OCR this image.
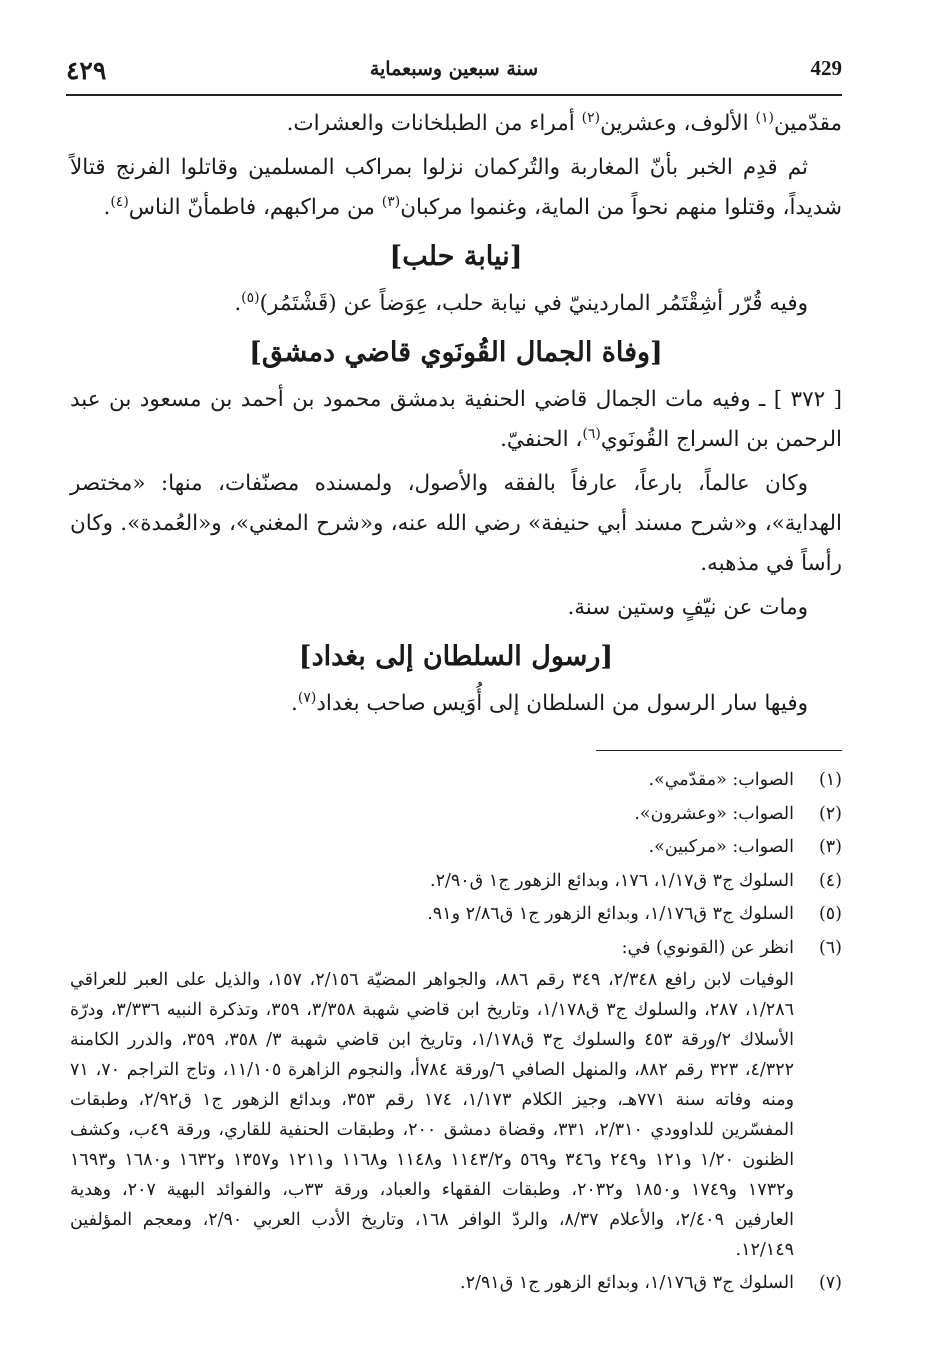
٤٢٩	سنة سبعين وسبعماية	429

مقدّمين$^{(١)}$ الألوف، وعشرين$^{(٢)}$ أمراء من الطبلخانات والعشرات.

ثم قدِم الخبر بأنّ المغاربة والتُركمان نزلوا بمراكب المسلمين وقاتلوا الفرنج قتالاً شديداً، وقتلوا منهم نحواً من الماية، وغنموا مركبان$^{(٣)}$ من مراكبهم، فاطمأنّ الناس$^{(٤)}$.

[نيابة حلب]

وفيه قُرّر أشِقْتَمُر الماردينيّ في نيابة حلب، عِوَضاً عن (قَشْتَمُر)$^{(٥)}$.

[وفاة الجمال القُونَوي قاضي دمشق]

[ ٣٧٢ ] ـ وفيه مات الجمال قاضي الحنفية بدمشق محمود بن أحمد بن مسعود بن عبد الرحمن بن السراج القُونَوي$^{(٦)}$، الحنفيّ.

وكان عالماً، بارعاً، عارفاً بالفقه والأصول، ولمسنده مصنّفات، منها: «مختصر الهداية»، و«شرح مسند أبي حنيفة» رضي الله عنه، و«شرح المغني»، و«العُمدة». وكان رأساً في مذهبه.

ومات عن نيّفٍ وستين سنة.

[رسول السلطان إلى بغداد]

وفيها سار الرسول من السلطان إلى أُوَيس صاحب بغداد$^{(٧)}$.

(١)
الصواب: «مقدّمي».
(٢)
الصواب: «وعشرون».
(٣)
الصواب: «مركبين».
(٤)
السلوك ج٣ ق١/١٧، ١٧٦، وبدائع الزهور ج١ ق٢/٩٠.
(٥)
السلوك ج٣ ق١/١٧٦، وبدائع الزهور ج١ ق٢/٨٦ و٩١.
(٦)
انظر عن (القونوي) في:
الوفيات لابن رافع ٢/٣٤٨، ٣٤٩ رقم ٨٨٦، والجواهر المضيّة ٢/١٥٦، ١٥٧، والذيل على العبر للعراقي ١/٢٨٦، ٢٨٧، والسلوك ج٣ ق١/١٧٨، وتاريخ ابن قاضي شهبة ٣/٣٥٨، ٣٥٩، وتذكرة النبيه ٣/٣٣٦، ودرّة الأسلاك ٢/ورقة ٤٥٣ والسلوك ج٣ ق١/١٧٨، وتاريخ ابن قاضي شهبة ٣/ ٣٥٨، ٣٥٩، والدرر الكامنة ٤/٣٢٢، ٣٢٣ رقم ٨٨٢، والمنهل الصافي ٦/ورقة ٧٨٤أ، والنجوم الزاهرة ١١/١٠٥، وتاج التراجم ٧٠، ٧١ ومنه وفاته سنة ٧٧١هـ، وجيز الكلام ١/١٧٣، ١٧٤ رقم ٣٥٣، وبدائع الزهور ج١ ق٢/٩٢، وطبقات المفسّرين للداوودي ٢/٣١٠، ٣٣١، وقضاة دمشق ٢٠٠، وطبقات الحنفية للقاري، ورقة ٤٩ب، وكشف الظنون ١/٢٠ و١٢١ و٢٤٩ و٣٤٦ و٥٦٩ و١١٤٣/٢ و١١٤٨ و١١٦٨ و١٢١١ و١٣٥٧ و١٦٣٢ و١٦٨٠ و١٦٩٣ و١٧٣٢ و١٧٤٩ و١٨٥٠ و٢٠٣٢، وطبقات الفقهاء والعباد، ورقة ٣٣ب، والفوائد البهية ٢٠٧، وهدية العارفين ٢/٤٠٩، والأعلام ٨/٣٧، والردّ الوافر ١٦٨، وتاريخ الأدب العربي ٢/٩٠، ومعجم المؤلفين ١٢/١٤٩.
(٧)
السلوك ج٣ ق١/١٧٦، وبدائع الزهور ج١ ق٢/٩١.
